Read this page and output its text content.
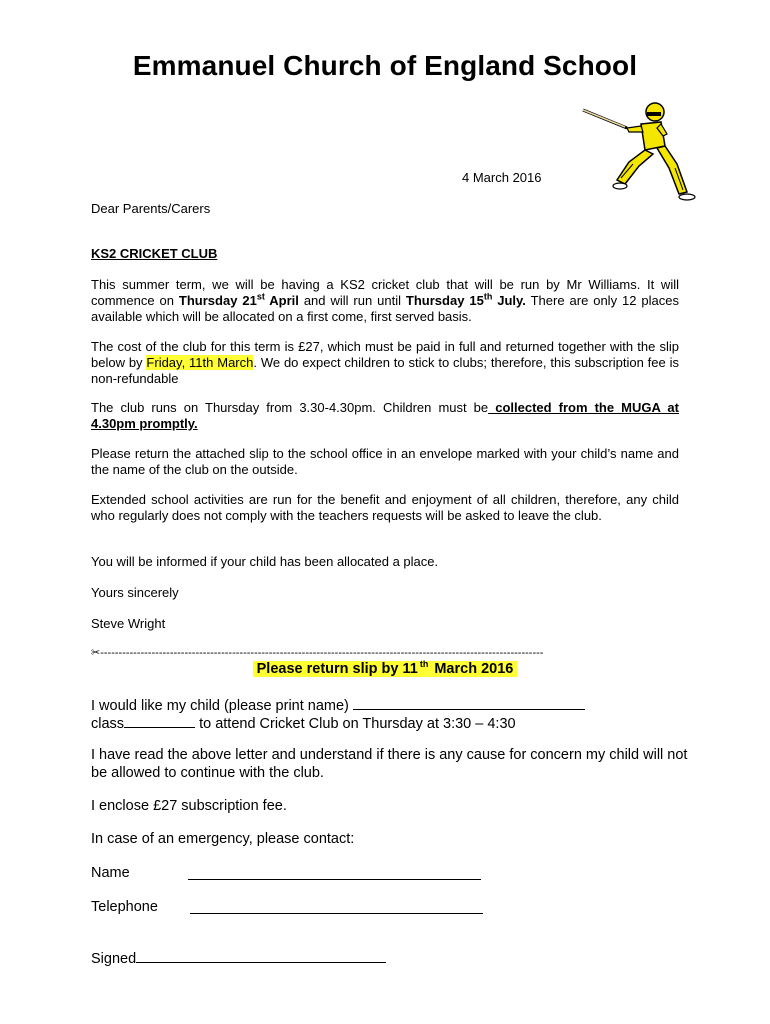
Emmanuel Church of England School
4 March 2016
Dear Parents/Carers
KS2 CRICKET CLUB
This summer term, we will be having a KS2 cricket club that will be run by Mr Williams. It will commence on Thursday 21st April and will run until Thursday 15th July. There are only 12 places available which will be allocated on a first come, first served basis.
The cost of the club for this term is £27, which must be paid in full and returned together with the slip below by Friday, 11th March. We do expect children to stick to clubs; therefore, this subscription fee is non-refundable
The club runs on Thursday from 3.30-4.30pm. Children must be collected from the MUGA at 4.30pm promptly.
Please return the attached slip to the school office in an envelope marked with your child’s name and the name of the club on the outside.
Extended school activities are run for the benefit and enjoyment of all children, therefore, any child who regularly does not comply with the teachers requests will be asked to leave the club.
You will be informed if your child has been allocated a place.
Yours sincerely
Steve Wright
✂-------------------------------------------------------------------------------------------------------------------------
Please return slip by 11 $^{th}$ March 2016
I would like my child (please print name)
class	to attend Cricket Club on Thursday at 3:30 – 4:30
I have read the above letter and understand if there is any cause for concern my child will not be allowed to continue with the club.
I enclose £27 subscription fee.
In case of an emergency, please contact:
Name
Telephone
Signed
